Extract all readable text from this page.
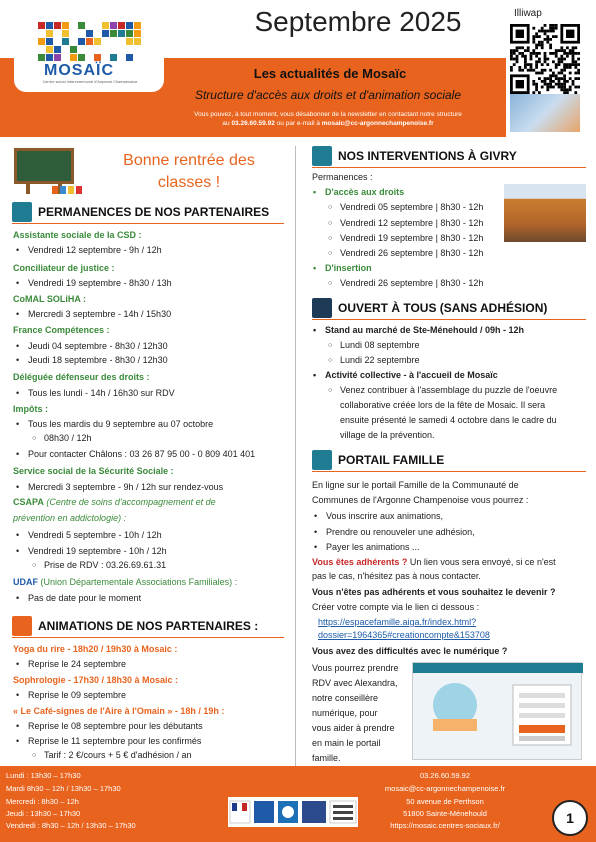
MOSAÏC
Centre social intercommunal d'Argonne Champenoise
Septembre 2025
Les actualités de Mosaïc
Structure d'accès aux droits et d'animation sociale
Vous pouvez, à tout moment, vous désabonner de la newsletter en contactant notre structure
au 03.26.60.59.92 ou par e-mail à mosaic@cc-argonnechampenoise.fr
Illiwap
Bonne rentrée des
classes !
PERMANENCES DE NOS PARTENAIRES
Assistante sociale de la CSD :
• Vendredi 12 septembre - 9h / 12h
Conciliateur de justice :
• Vendredi 19 septembre - 8h30 / 13h
CoMAL SOLiHA :
• Mercredi 3 septembre - 14h / 15h30
France Compétences :
• Jeudi 04 septembre - 8h30 / 12h30
• Jeudi 18 septembre - 8h30 / 12h30
Déléguée défenseur des droits :
• Tous les lundi - 14h / 16h30 sur RDV
Impôts :
• Tous les mardis du 9 septembre au 07 octobre
○ 08h30 / 12h
• Pour contacter Châlons : 03 26 87 95 00 - 0 809 401 401
Service social de la Sécurité Sociale :
• Mercredi 3 septembre - 9h / 12h sur rendez-vous
CSAPA (Centre de soins d'accompagnement et de
prévention en addictologie) :
• Vendredi 5 septembre - 10h / 12h
• Vendredi 19 septembre - 10h / 12h
○ Prise de RDV : 03.26.69.61.31
UDAF (Union Départementale Associations Familiales) :
• Pas de date pour le moment
ANIMATIONS DE NOS PARTENAIRES :
Yoga du rire - 18h20 / 19h30 à Mosaic :
• Reprise le 24 septembre
Sophrologie - 17h30 / 18h30 à Mosaic :
• Reprise le 09 septembre
« Le Café-signes de l'Aire à l'Omain » - 18h / 19h :
• Reprise le 08 septembre pour les débutants
• Reprise le 11 septembre pour les confirmés
○ Tarif : 2 €/cours + 5 € d'adhésion / an
○
NOS INTERVENTIONS À GIVRY
Permanences :
• D'accès aux droits
○ Vendredi 05 septembre | 8h30 - 12h
○ Vendredi 12 septembre | 8h30 - 12h
○ Vendredi 19 septembre | 8h30 - 12h
○ Vendredi 26 septembre | 8h30 - 12h
• D'insertion
○ Vendredi 26 septembre | 8h30 - 12h
OUVERT À TOUS (SANS ADHÉSION)
• Stand au marché de Ste-Ménehould / 09h - 12h
○ Lundi 08 septembre
○ Lundi 22 septembre
• Activité collective - à l'accueil de Mosaïc
○ Venez contribuer à l'assemblage du puzzle de l'oeuvre
collaborative créée lors de la fête de Mosaic. Il sera
ensuite présenté le samedi 4 octobre dans le cadre du
village de la prévention.
PORTAIL FAMILLE
En ligne sur le portail Famille de la Communauté de
Communes de l'Argonne Champenoise vous pourrez :
• Vous inscrire aux animations,
• Prendre ou renouveler une adhésion,
• Payer les animations ...
Vous êtes adhérents ? Un lien vous sera envoyé, si ce n'est
pas le cas, n'hésitez pas à nous contacter.
Vous n'êtes pas adhérents et vous souhaitez le devenir ?
Créer votre compte via le lien ci dessous :
https://espacefamille.aiga.fr/index.html?
dossier=1964365#creationcompte&153708
Vous avez des difficultés avec le numérique ?
Vous pourrez prendre
RDV avec Alexandra,
notre conseillère
numérique, pour
vous aider à prendre
en main le portail
famille.
Lundi : 13h30 – 17h30
Mardi 8h30 – 12h / 13h30 – 17h30
Mercredi : 8h30 – 12h
Jeudi : 13h30 – 17h30
Vendredi : 8h30 – 12h / 13h30 – 17h30
03.26.60.59.92
mosaic@cc-argonnechampenoise.fr
50 avenue de Perthson
51800 Sainte-Ménehould
https://mosaic.centres-sociaux.fr/	1
